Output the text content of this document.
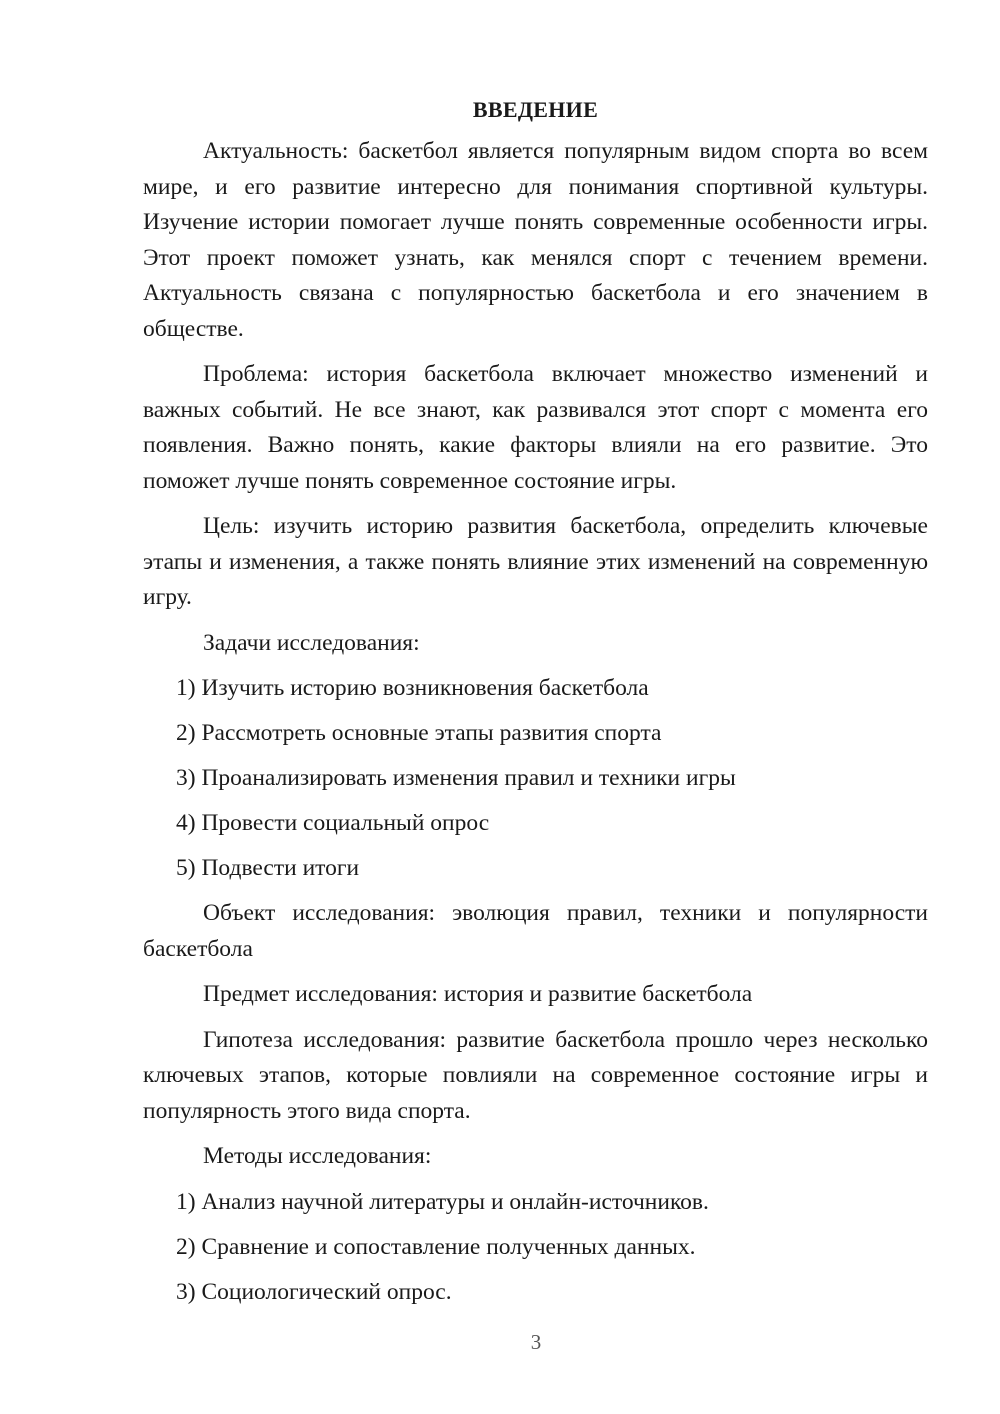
ВВЕДЕНИЕ

Актуальность: баскетбол является популярным видом спорта во всем мире, и его развитие интересно для понимания спортивной культуры. Изучение истории помогает лучше понять современные особенности игры. Этот проект поможет узнать, как менялся спорт с течением времени. Актуальность связана с популярностью баскетбола и его значением в обществе.

Проблема: история баскетбола включает множество изменений и важных событий. Не все знают, как развивался этот спорт с момента его появления. Важно понять, какие факторы влияли на его развитие. Это поможет лучше понять современное состояние игры.

Цель: изучить историю развития баскетбола, определить ключевые этапы и изменения, а также понять влияние этих изменений на современную игру.

Задачи исследования:

1) Изучить историю возникновения баскетбола
2) Рассмотреть основные этапы развития спорта
3) Проанализировать изменения правил и техники игры
4) Провести социальный опрос
5) Подвести итоги

Объект исследования: эволюция правил, техники и популярности баскетбола

Предмет исследования: история и развитие баскетбола

Гипотеза исследования: развитие баскетбола прошло через несколько ключевых этапов, которые повлияли на современное состояние игры и популярность этого вида спорта.

Методы исследования:

1) Анализ научной литературы и онлайн-источников.
2) Сравнение и сопоставление полученных данных.
3) Социологический опрос.
3
